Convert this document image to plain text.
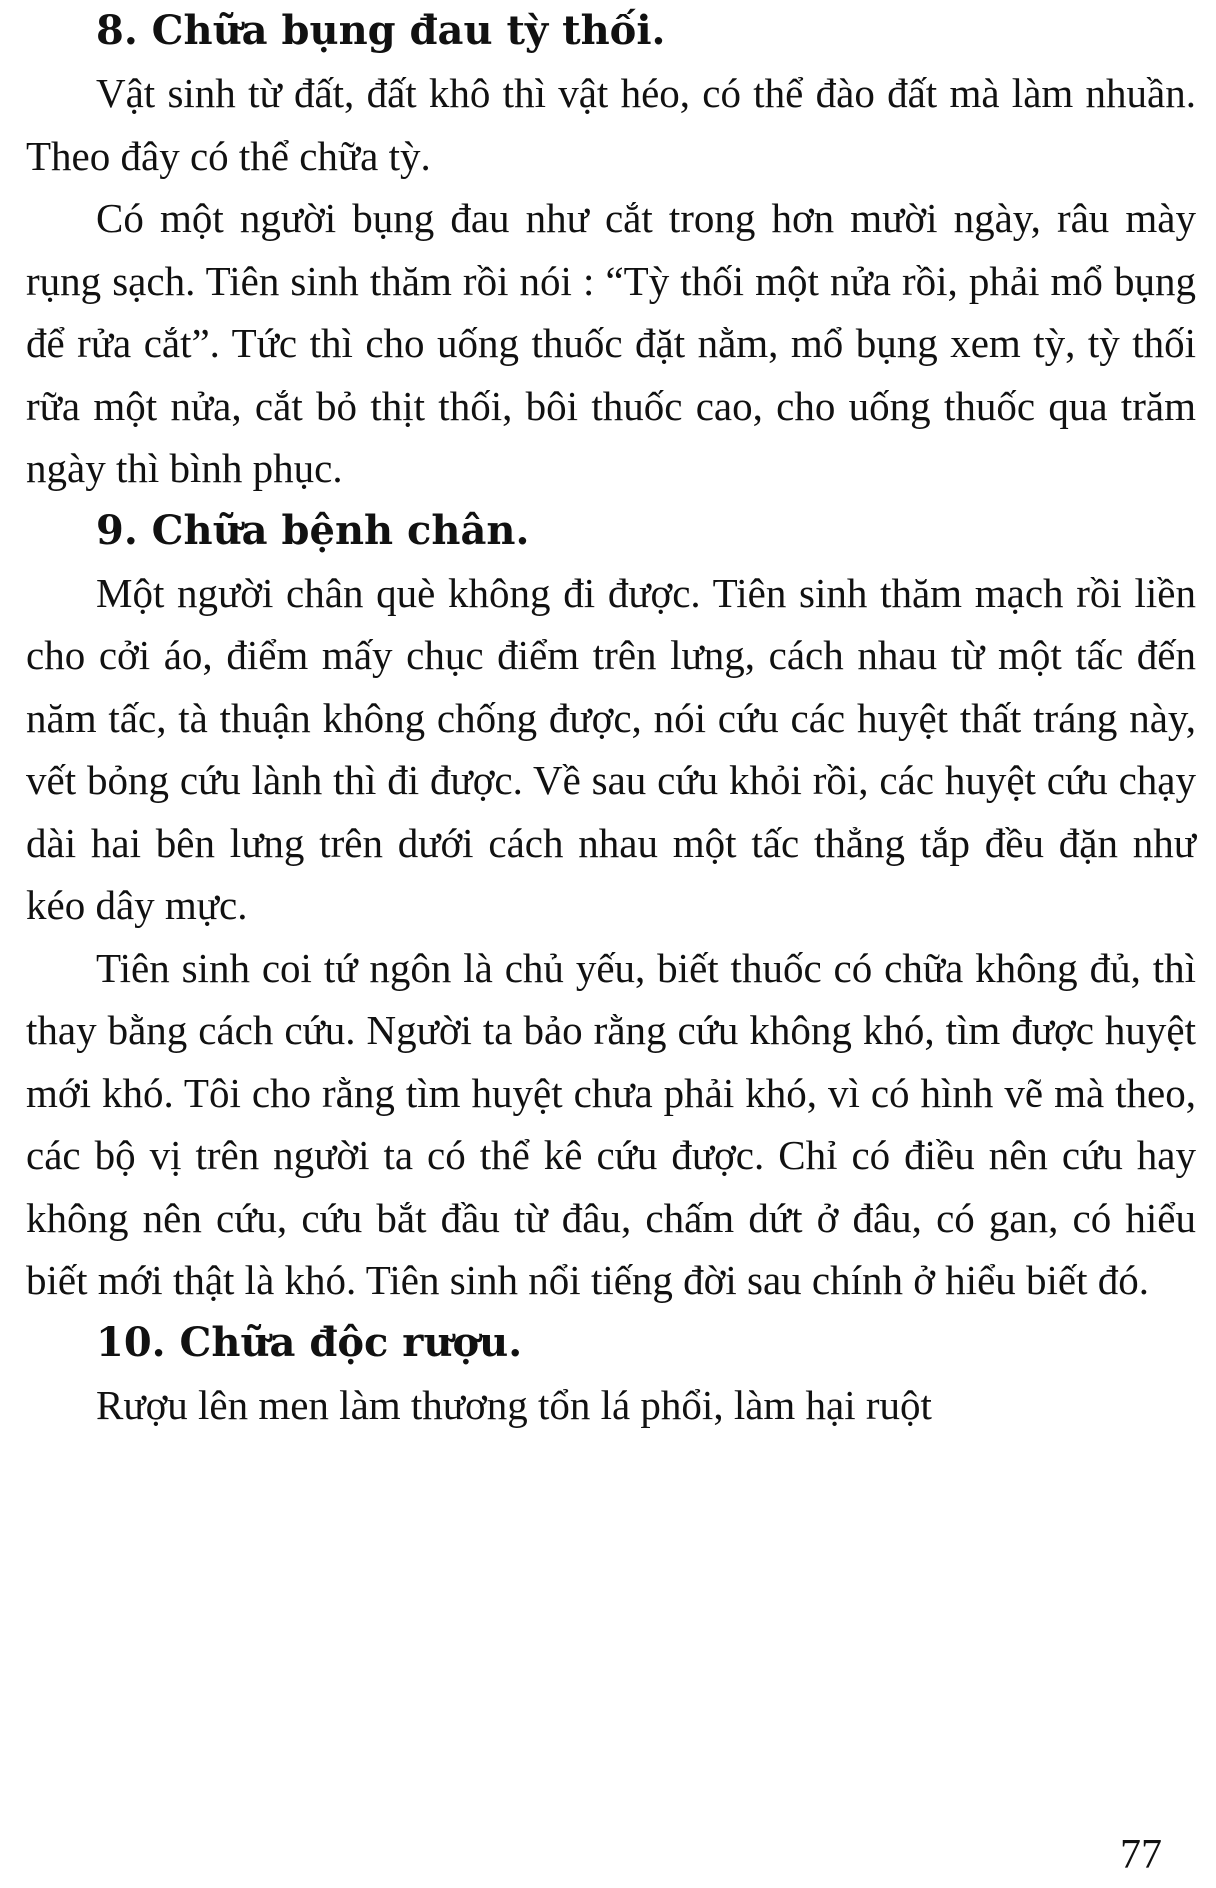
8. Chữa bụng đau tỳ thối.

Vật sinh từ đất, đất khô thì vật héo, có thể đào đất mà làm nhuần. Theo đây có thể chữa tỳ.

Có một người bụng đau như cắt trong hơn mười ngày, râu mày rụng sạch. Tiên sinh thăm rồi nói : “Tỳ thối một nửa rồi, phải mổ bụng để rửa cắt”. Tức thì cho uống thuốc đặt nằm, mổ bụng xem tỳ, tỳ thối rữa một nửa, cắt bỏ thịt thối, bôi thuốc cao, cho uống thuốc qua trăm ngày thì bình phục.

9. Chữa bệnh chân.

Một người chân què không đi được. Tiên sinh thăm mạch rồi liền cho cởi áo, điểm mấy chục điểm trên lưng, cách nhau từ một tấc đến năm tấc, tà thuận không chống được, nói cứu các huyệt thất tráng này, vết bỏng cứu lành thì đi được. Về sau cứu khỏi rồi, các huyệt cứu chạy dài hai bên lưng trên dưới cách nhau một tấc thẳng tắp đều đặn như kéo dây mực.

Tiên sinh coi tứ ngôn là chủ yếu, biết thuốc có chữa không đủ, thì thay bằng cách cứu. Người ta bảo rằng cứu không khó, tìm được huyệt mới khó. Tôi cho rằng tìm huyệt chưa phải khó, vì có hình vẽ mà theo, các bộ vị trên người ta có thể kê cứu được. Chỉ có điều nên cứu hay không nên cứu, cứu bắt đầu từ đâu, chấm dứt ở đâu, có gan, có hiểu biết mới thật là khó. Tiên sinh nổi tiếng đời sau chính ở hiểu biết đó.

10. Chữa độc rượu.

Rượu lên men làm thương tổn lá phổi, làm hại ruột

77
